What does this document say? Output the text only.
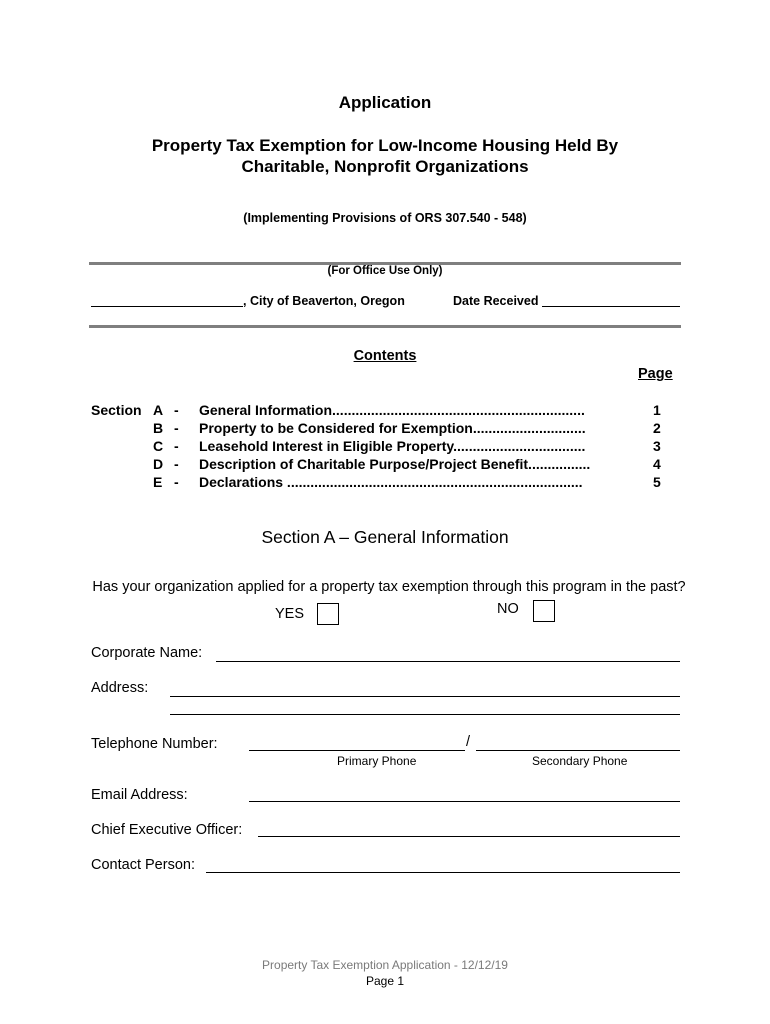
Application
Property Tax Exemption for Low-Income Housing Held By
Charitable, Nonprofit Organizations
(Implementing Provisions of ORS 307.540 - 548)
(For Office Use Only)
, City of Beaverton, Oregon	Date Received
Contents
Page
Section A - General Information.................................................................	1
B - Property to be Considered for Exemption.............................	2
C - Leasehold Interest in Eligible Property..................................	3
D - Description of Charitable Purpose/Project Benefit................	4
E - Declarations ............................................................................	5
Section A – General Information
Has your organization applied for a property tax exemption through this program in the past?
YES	NO
Corporate Name:
Address:
Telephone Number:	/
Primary Phone	Secondary Phone
Email Address:
Chief Executive Officer:
Contact Person:
Property Tax Exemption Application - 12/12/19
Page 1
